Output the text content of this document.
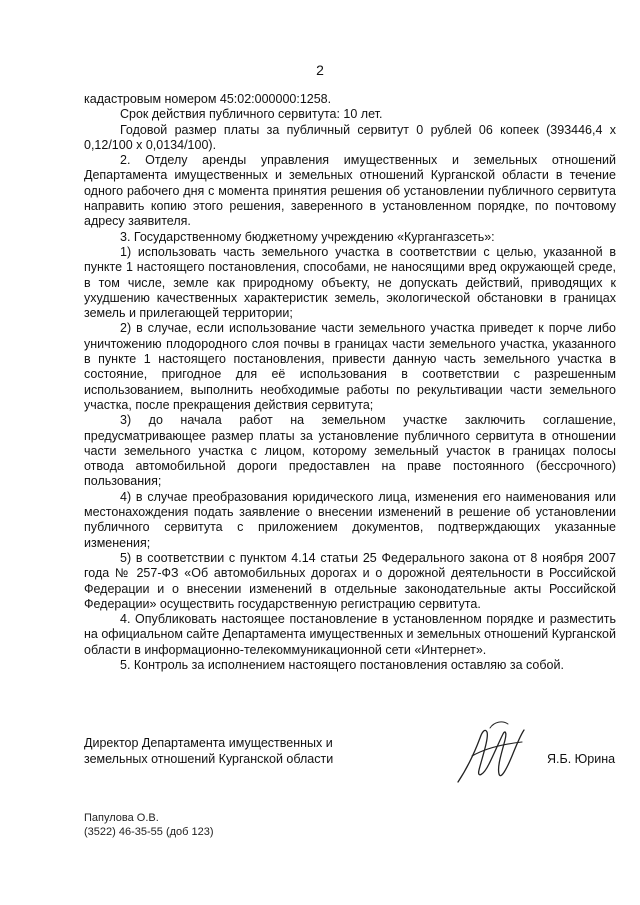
2

кадастровым номером 45:02:000000:1258.

Срок действия публичного сервитута: 10 лет.

Годовой размер платы за публичный сервитут 0 рублей 06 копеек (393446,4 х 0,12/100 х 0,0134/100).

2. Отделу аренды управления имущественных и земельных отношений Департамента имущественных и земельных отношений Курганской области в течение одного рабочего дня с момента принятия решения об установлении публичного сервитута направить копию этого решения, заверенного в установленном порядке, по почтовому адресу заявителя.

3. Государственному бюджетному учреждению «Кургангазсеть»:

1) использовать часть земельного участка в соответствии с целью, указанной в пункте 1 настоящего постановления, способами, не наносящими вред окружающей среде, в том числе, земле как природному объекту, не допускать действий, приводящих к ухудшению качественных характеристик земель, экологической обстановки в границах земель и прилегающей территории;

2) в случае, если использование части земельного участка приведет к порче либо уничтожению плодородного слоя почвы в границах части земельного участка, указанного в пункте 1 настоящего постановления, привести данную часть земельного участка в состояние, пригодное для её использования в соответствии с разрешенным использованием, выполнить необходимые работы по рекультивации части земельного участка, после прекращения действия сервитута;

3) до начала работ на земельном участке заключить соглашение, предусматривающее размер платы за установление публичного сервитута в отношении части земельного участка с лицом, которому земельный участок в границах полосы отвода автомобильной дороги предоставлен на праве постоянного (бессрочного) пользования;

4) в случае преобразования юридического лица, изменения его наименования или местонахождения подать заявление о внесении изменений в решение об установлении публичного сервитута с приложением документов, подтверждающих указанные изменения;

5) в соответствии с пунктом 4.14 статьи 25 Федерального закона от 8 ноября 2007 года № 257-ФЗ «Об автомобильных дорогах и о дорожной деятельности в Российской Федерации и о внесении изменений в отдельные законодательные акты Российской Федерации» осуществить государственную регистрацию сервитута.

4. Опубликовать настоящее постановление в установленном порядке и разместить на официальном сайте Департамента имущественных и земельных отношений Курганской области в информационно-телекоммуникационной сети «Интернет».

5. Контроль за исполнением настоящего постановления оставляю за собой.

Директор Департамента имущественных и
земельных отношений Курганской области	Я.Б. Юрина
Папулова О.В.
(3522) 46-35-55 (доб 123)
